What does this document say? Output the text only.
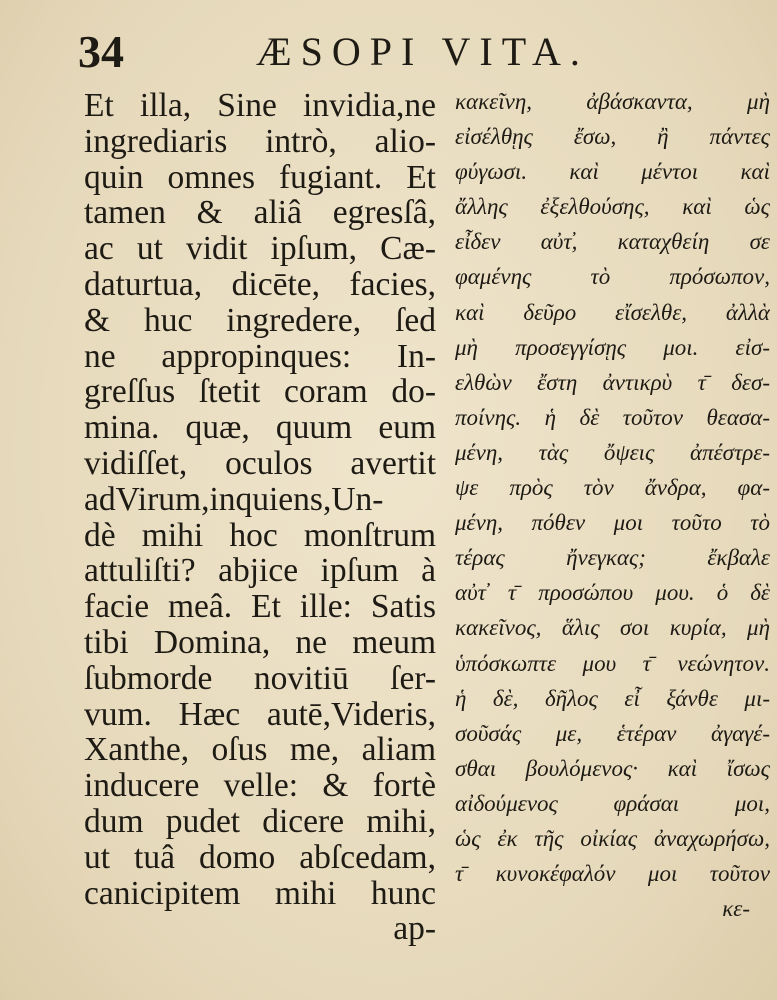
34	ÆSOPI VITA.
Et illa, Sine invidia,ne
ingrediaris intrò, alio-
quin omnes fugiant. Et
tamen & aliâ egresſâ,
ac ut vidit ipſum, Cæ-
daturtua, dicēte, facies,
& huc ingredere, ſed
ne appropinques: In-
greſſus ſtetit coram do-
mina. quæ, quum eum
vidiſſet, oculos avertit
adVirum,inquiens,Un-
dè mihi hoc monſtrum
attuliſti? abjice ipſum à
facie meâ. Et ille: Satis
tibi Domina, ne meum
ſubmorde novitiū ſer-
vum. Hæc autē,Videris,
Xanthe, oſus me, aliam
inducere velle: & fortè
dum pudet dicere mihi,
ut tuâ domo abſcedam,
canicipitem mihi hunc
ap-
κακεῖνη, ἀβάσκαντα, μὴ
εἰσέλθῃς ἔσω, ἢ πάντες
φύγωσι. καὶ μέντοι καὶ
ἄλλης ἐξελθούσης, καὶ ὡς
εἶδεν αὐτ̓, καταχθείη σε
φαμένης τὸ πρόσωπον,
καὶ δεῦρο εἴσελθε, ἀλλὰ
μὴ προσεγγίσῃς μοι. εἰσ-
ελθὼν ἔστη ἀντικρὺ τ̄ δεσ-
ποίνης. ἡ δὲ τοῦτον θεασα-
μένη, τὰς ὄψεις ἀπέστρε-
ψε πρὸς τὸν ἄνδρα, φα-
μένη, πόθεν μοι τοῦτο τὸ
τέρας ἤνεγκας; ἔκβαλε
αὐτ̓ τ̄ προσώπου μου. ὁ δὲ
κακεῖνος, ἅλις σοι κυρία, μὴ
ὑπόσκωπτε μου τ̄ νεώνητον.
ἡ δὲ, δῆλος εἶ ξάνθε μι-
σοῦσάς με, ἑτέραν ἀγαγέ-
σθαι βουλόμενος· καὶ ἴσως
αἰδούμενος φράσαι μοι,
ὡς ἐκ τῆς οἰκίας ἀναχωρήσω,
τ̄ κυνοκέφαλόν μοι τοῦτον
κε-
